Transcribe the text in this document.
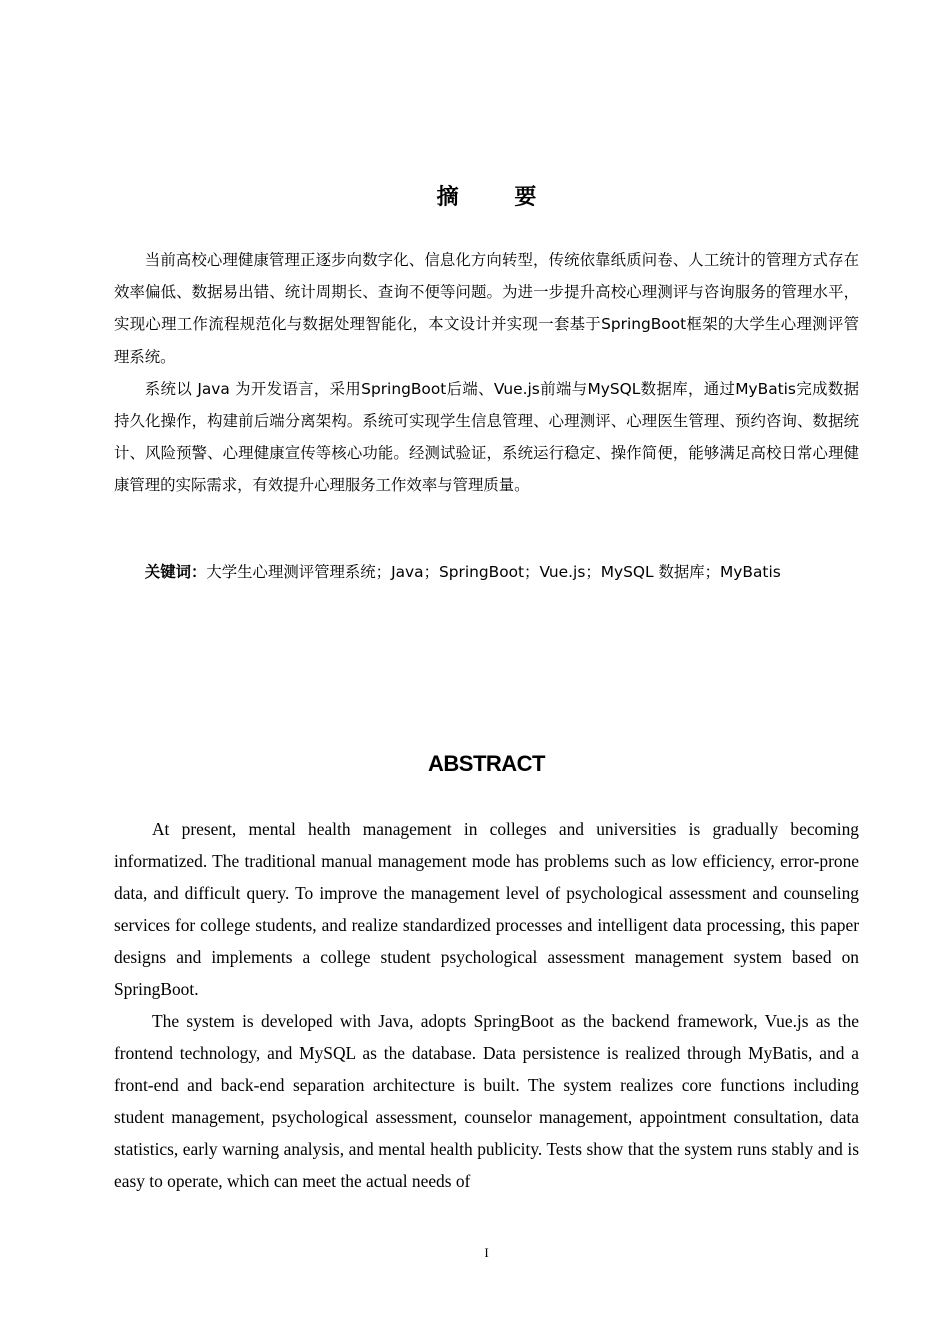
摘 要

当前高校心理健康管理正逐步向数字化、信息化方向转型，传统依靠纸质问卷、人工统计的管理方式存在效率偏低、数据易出错、统计周期长、查询不便等问题。为进一步提升高校心理测评与咨询服务的管理水平，实现心理工作流程规范化与数据处理智能化，本文设计并实现一套基于SpringBoot框架的大学生心理测评管理系统。

系统以 Java 为开发语言，采用SpringBoot后端、Vue.js前端与MySQL数据库，通过MyBatis完成数据持久化操作，构建前后端分离架构。系统可实现学生信息管理、心理测评、心理医生管理、预约咨询、数据统计、风险预警、心理健康宣传等核心功能。经测试验证，系统运行稳定、操作简便，能够满足高校日常心理健康管理的实际需求，有效提升心理服务工作效率与管理质量。

关键词：大学生心理测评管理系统；Java；SpringBoot；Vue.js；MySQL 数据库；MyBatis
ABSTRACT

At present, mental health management in colleges and universities is gradually becoming informatized. The traditional manual management mode has problems such as low efficiency, error-prone data, and difficult query. To improve the management level of psychological assessment and counseling services for college students, and realize standardized processes and intelligent data processing, this paper designs and implements a college student psychological assessment management system based on SpringBoot.

The system is developed with Java, adopts SpringBoot as the backend framework, Vue.js as the frontend technology, and MySQL as the database. Data persistence is realized through MyBatis, and a front-end and back-end separation architecture is built. The system realizes core functions including student management, psychological assessment, counselor management, appointment consultation, data statistics, early warning analysis, and mental health publicity. Tests show that the system runs stably and is easy to operate, which can meet the actual needs of

I
